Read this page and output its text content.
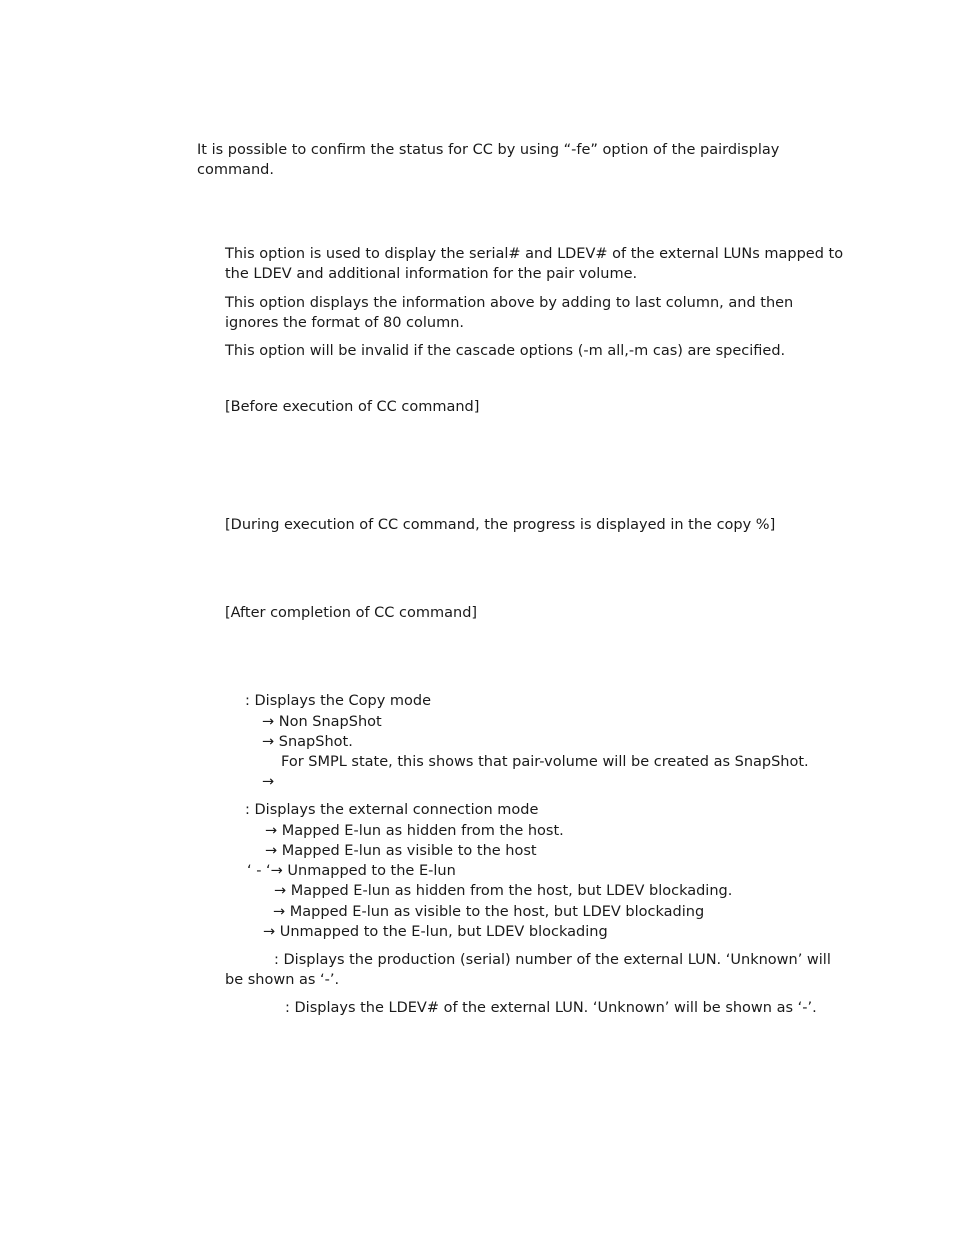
It is possible to confirm the status for CC by using “-fe” option of the pairdisplay
command.
This option is used to display the serial# and LDEV# of the external LUNs mapped to
the LDEV and additional information for the pair volume.
This option displays the information above by adding to last column, and then
ignores the format of 80 column.
This option will be invalid if the cascade options (-m all,-m cas) are specified.
[Before execution of CC command]
[During execution of CC command, the progress is displayed in the copy %]
[After completion of CC command]
: Displays the Copy mode
→ Non SnapShot
→ SnapShot.
For SMPL state, this shows that pair-volume will be created as SnapShot.
→
: Displays the external connection mode
→ Mapped E-lun as hidden from the host.
→ Mapped E-lun as visible to the host
‘ - ‘→ Unmapped to the E-lun
→ Mapped E-lun as hidden from the host, but LDEV blockading.
→ Mapped E-lun as visible to the host, but LDEV blockading
→ Unmapped to the E-lun, but LDEV blockading
: Displays the production (serial) number of the external LUN. ‘Unknown’ will
be shown as ‘-’.
: Displays the LDEV# of the external LUN. ‘Unknown’ will be shown as ‘-’.
